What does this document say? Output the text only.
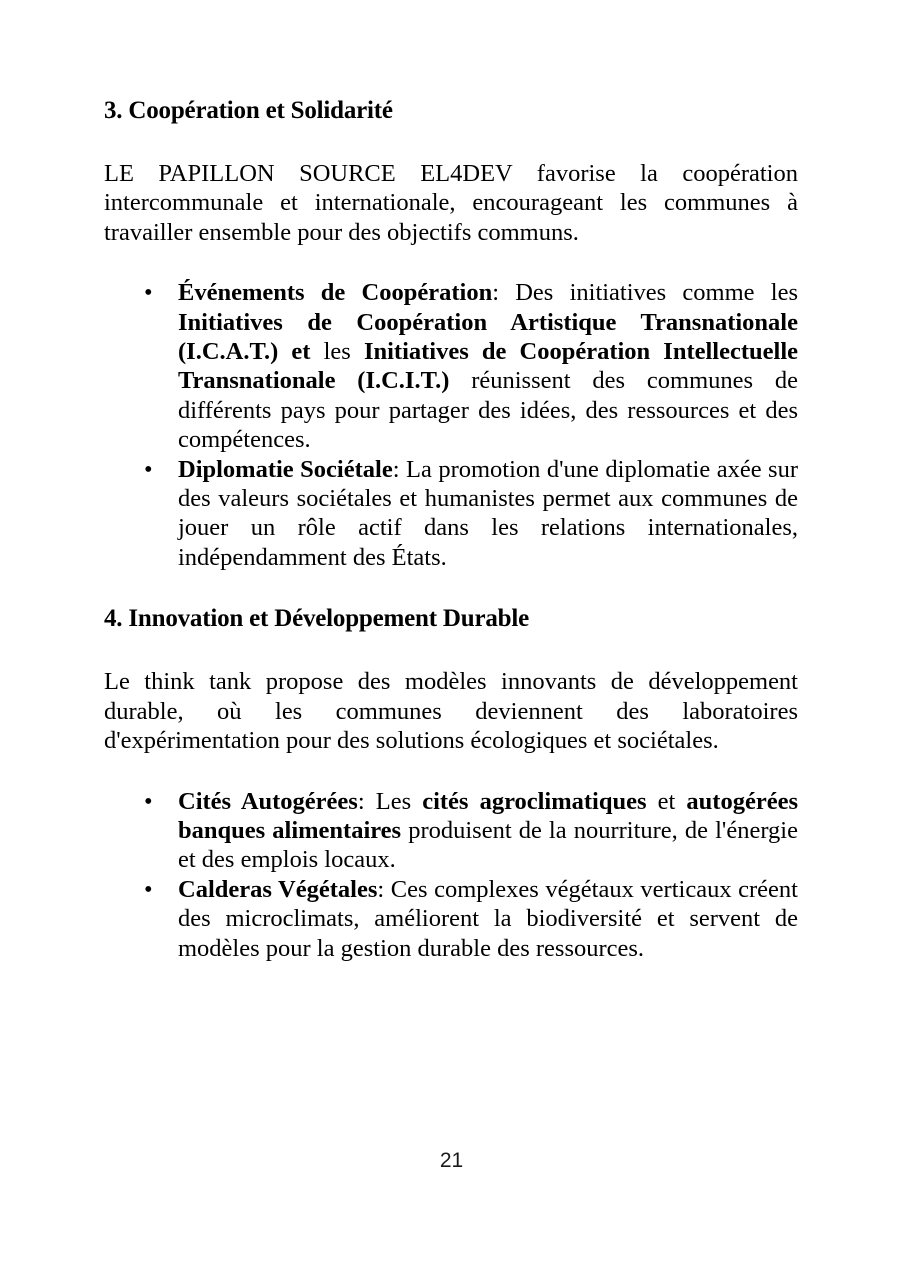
3. Coopération et Solidarité

LE PAPILLON SOURCE EL4DEV favorise la coopération intercommunale et internationale, encourageant les communes à travailler ensemble pour des objectifs communs.

• Événements de Coopération: Des initiatives comme les Initiatives de Coopération Artistique Transnationale (I.C.A.T.) et les Initiatives de Coopération Intellectuelle Transnationale (I.C.I.T.) réunissent des communes de différents pays pour partager des idées, des ressources et des compétences.
• Diplomatie Sociétale: La promotion d'une diplomatie axée sur des valeurs sociétales et humanistes permet aux communes de jouer un rôle actif dans les relations internationales, indépendamment des États.
4. Innovation et Développement Durable

Le think tank propose des modèles innovants de développement durable, où les communes deviennent des laboratoires d'expérimentation pour des solutions écologiques et sociétales.

• Cités Autogérées: Les cités agroclimatiques et autogérées banques alimentaires produisent de la nourriture, de l'énergie et des emplois locaux.
• Calderas Végétales: Ces complexes végétaux verticaux créent des microclimats, améliorent la biodiversité et servent de modèles pour la gestion durable des ressources.
21
